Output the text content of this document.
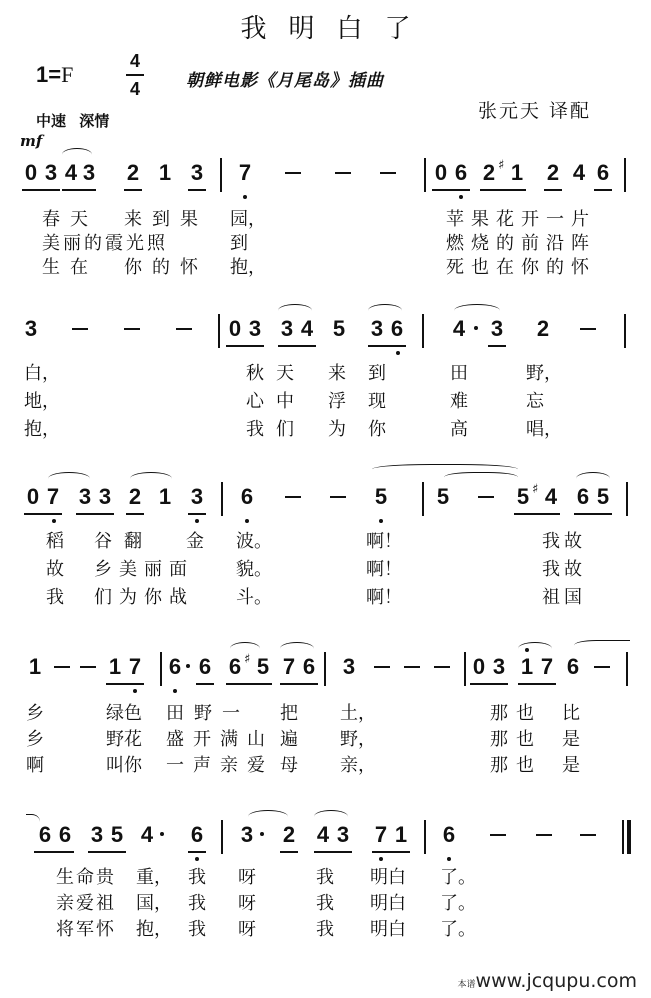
我明白了
1=F
4
4	朝鲜电影《月尾岛》插曲
张元天 译配
中速 深情
mf
0 3 4 3 2 1 3 7	0 6 2 ♯ 1 2 4 6
春天 来到果 园，	苹果花开一片
美丽的霞光照	到	燃烧的前沿阵
生在 你的怀 抱，	死也在你的怀
3	0 3 3 4 5 3 6 4 3 2
白，	秋天 来到 田	野，
地，	心中 浮现 难	忘
抱，	我们 为你 高	唱，
0 7 3 3 2 1 3 6	5 5	5 ♯ 4 6 5
稻 谷翻 金 波。	啊！	我故
故 乡美丽面 貌。	啊！	我故
我 们为你战 斗。	啊！	祖国
1	1 7 6 6 6 ♯ 5 7 6 3	0 3 1 7 6
乡	绿色 田野一 把 土，	那也 比
乡	野花 盛开满山 遍 野，	那也 是
啊	叫你 一声亲爱 母 亲，	那也 是
6 6 3 5 4 6 3 2 4 3 7 1 6
生命贵 重， 我 呀	我 明白 了。
亲爱祖 国， 我 呀	我 明白 了。
将军怀 抱， 我 呀	我 明白 了。
本谱www.jcqupu.com
